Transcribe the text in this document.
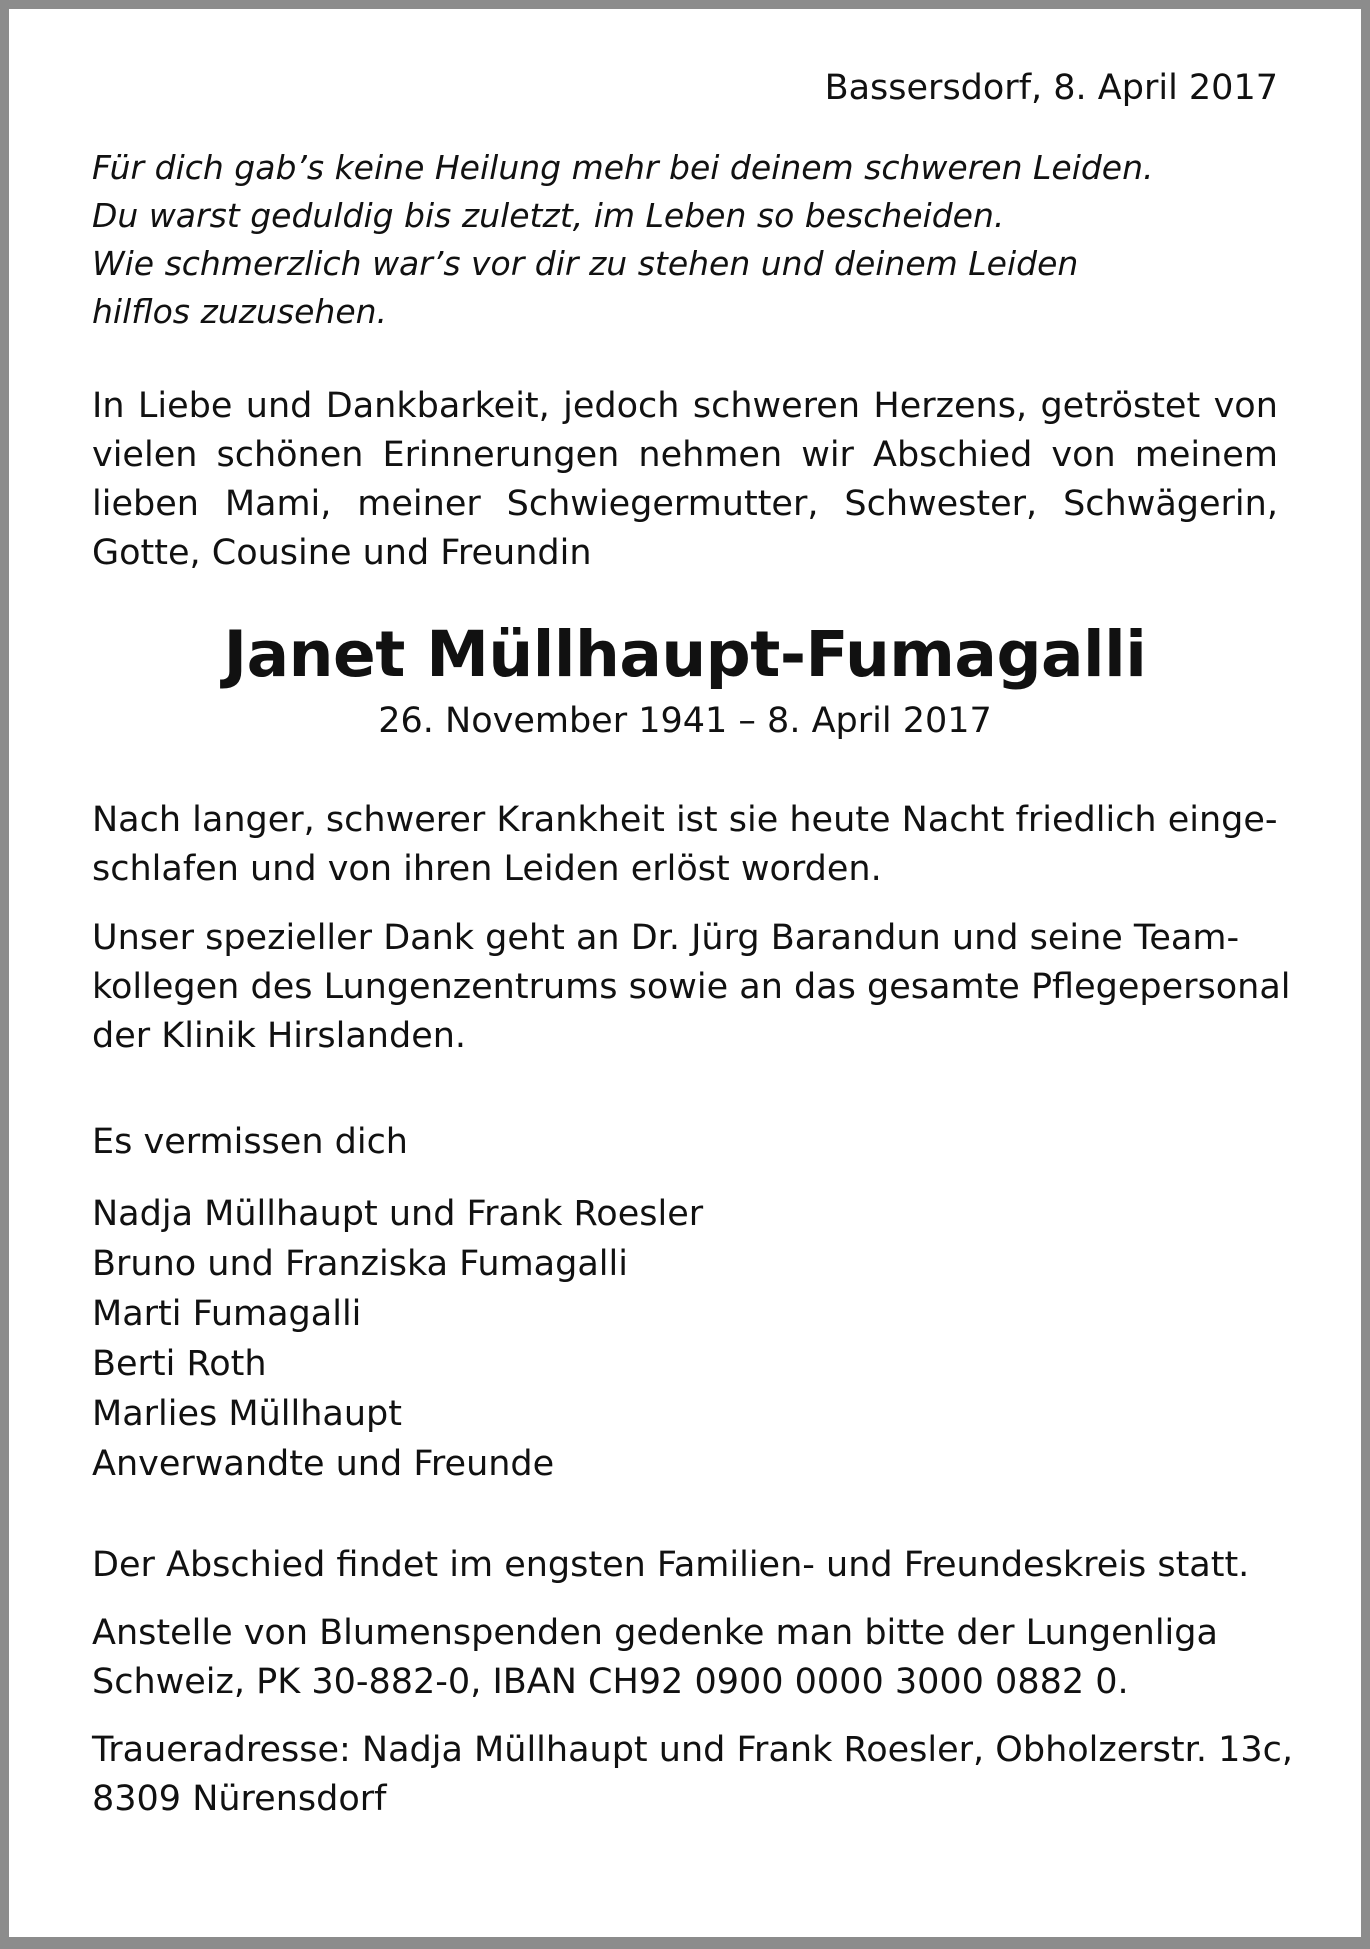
Bassersdorf, 8. April 2017

Für dich gab’s keine Heilung mehr bei deinem schweren Leiden.
Du warst geduldig bis zuletzt, im Leben so bescheiden.
Wie schmerzlich war’s vor dir zu stehen und deinem Leiden
hilflos zuzusehen.
In Liebe und Dankbarkeit, jedoch schweren Herzens, getröstet von
vielen schönen Erinnerungen nehmen wir Abschied von meinem
lieben Mami, meiner Schwiegermutter, Schwester, Schwägerin,
Gotte, Cousine und Freundin
Janet Müllhaupt-Fumagalli
26. November 1941 – 8. April 2017
Nach langer, schwerer Krankheit ist sie heute Nacht friedlich einge-
schlafen und von ihren Leiden erlöst worden.
Unser spezieller Dank geht an Dr. Jürg Barandun und seine Team-
kollegen des Lungenzentrums sowie an das gesamte Pflegepersonal
der Klinik Hirslanden.
Es vermissen dich
Nadja Müllhaupt und Frank Roesler
Bruno und Franziska Fumagalli
Marti Fumagalli
Berti Roth
Marlies Müllhaupt
Anverwandte und Freunde
Der Abschied findet im engsten Familien- und Freundeskreis statt.
Anstelle von Blumenspenden gedenke man bitte der Lungenliga
Schweiz, PK 30-882-0, IBAN CH92 0900 0000 3000 0882 0.
Traueradresse: Nadja Müllhaupt und Frank Roesler, Obholzerstr. 13c,
8309 Nürensdorf
